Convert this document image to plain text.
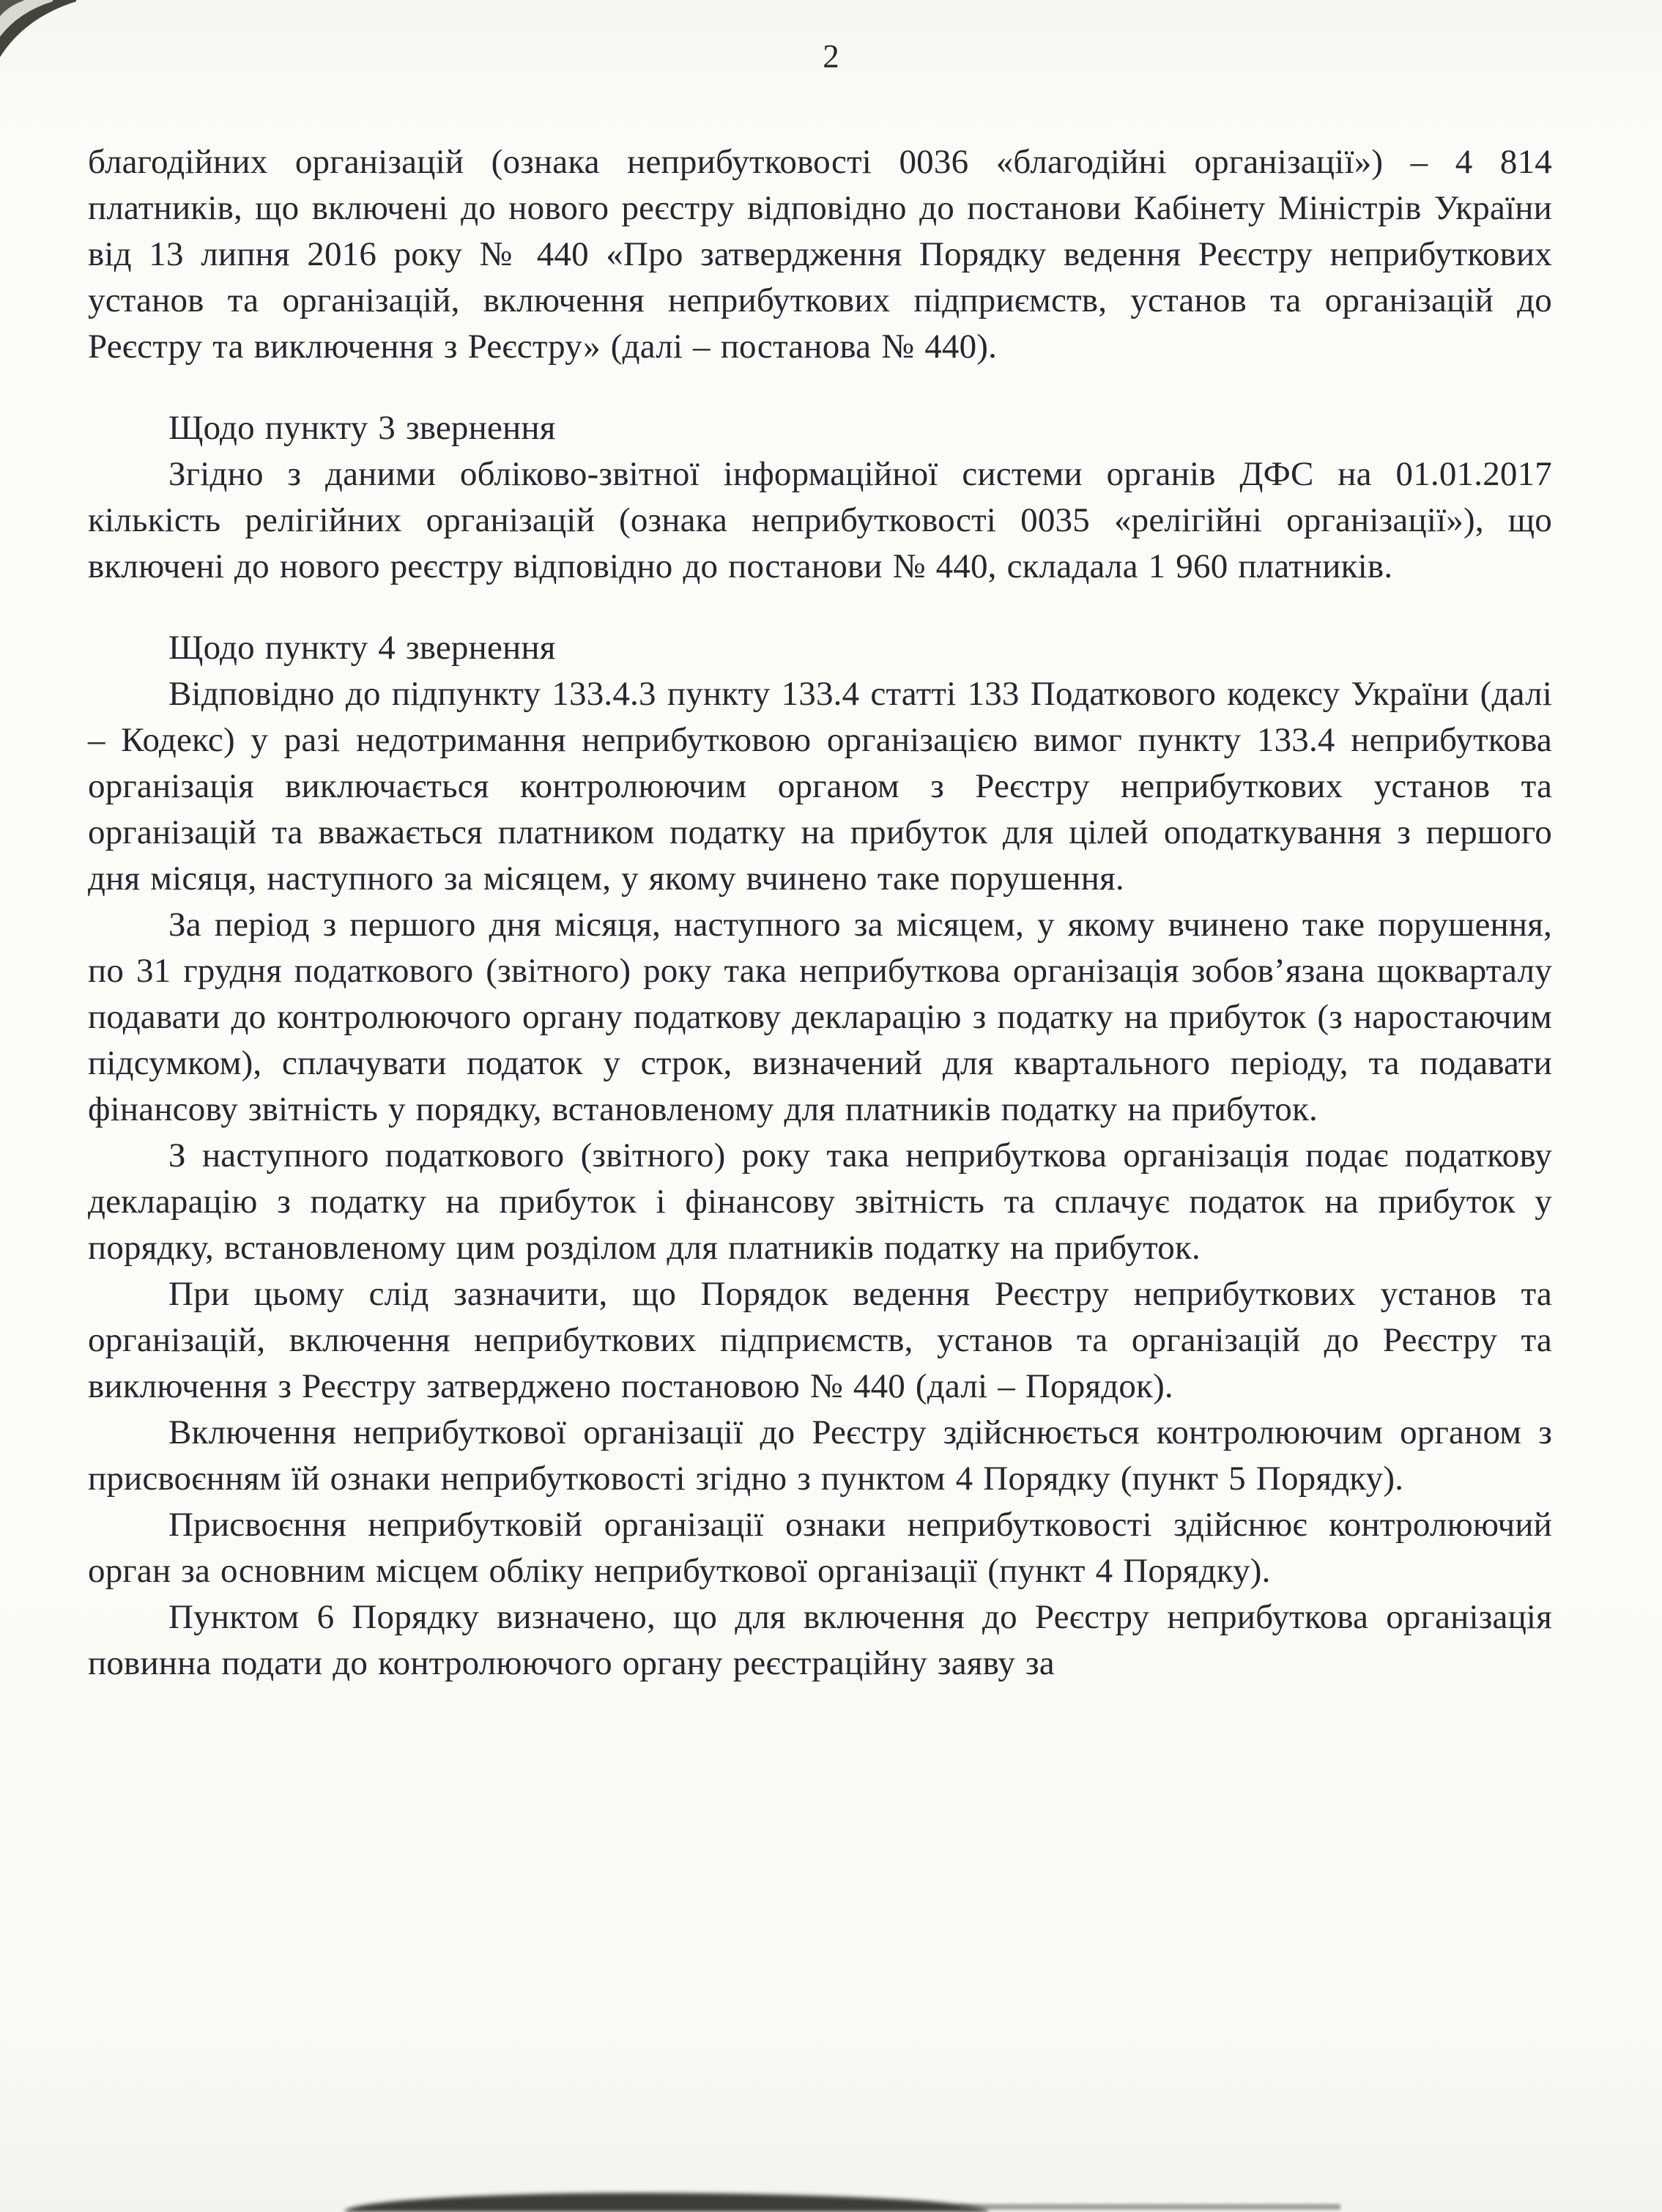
2

благодійних організацій (ознака неприбутковості 0036 «благодійні організації») – 4 814 платників, що включені до нового реєстру відповідно до постанови Кабінету Міністрів України від 13 липня 2016 року № 440 «Про затвердження Порядку ведення Реєстру неприбуткових установ та організацій, включення неприбуткових підприємств, установ та організацій до Реєстру та виключення з Реєстру» (далі – постанова № 440).

Щодо пункту 3 звернення

Згідно з даними обліково-звітної інформаційної системи органів ДФС на 01.01.2017 кількість релігійних організацій (ознака неприбутковості 0035 «релігійні організації»), що включені до нового реєстру відповідно до постанови № 440, складала 1 960 платників.

Щодо пункту 4 звернення

Відповідно до підпункту 133.4.3 пункту 133.4 статті 133 Податкового кодексу України (далі – Кодекс) у разі недотримання неприбутковою організацією вимог пункту 133.4 неприбуткова організація виключається контролюючим органом з Реєстру неприбуткових установ та організацій та вважається платником податку на прибуток для цілей оподаткування з першого дня місяця, наступного за місяцем, у якому вчинено таке порушення.

За період з першого дня місяця, наступного за місяцем, у якому вчинено таке порушення, по 31 грудня податкового (звітного) року така неприбуткова організація зобов’язана щокварталу подавати до контролюючого органу податкову декларацію з податку на прибуток (з наростаючим підсумком), сплачувати податок у строк, визначений для квартального періоду, та подавати фінансову звітність у порядку, встановленому для платників податку на прибуток.

З наступного податкового (звітного) року така неприбуткова організація подає податкову декларацію з податку на прибуток і фінансову звітність та сплачує податок на прибуток у порядку, встановленому цим розділом для платників податку на прибуток.

При цьому слід зазначити, що Порядок ведення Реєстру неприбуткових установ та організацій, включення неприбуткових підприємств, установ та організацій до Реєстру та виключення з Реєстру затверджено постановою № 440 (далі – Порядок).

Включення неприбуткової організації до Реєстру здійснюється контролюючим органом з присвоєнням їй ознаки неприбутковості згідно з пунктом 4 Порядку (пункт 5 Порядку).

Присвоєння неприбутковій організації ознаки неприбутковості здійснює контролюючий орган за основним місцем обліку неприбуткової організації (пункт 4 Порядку).

Пунктом 6 Порядку визначено, що для включення до Реєстру неприбуткова організація повинна подати до контролюючого органу реєстраційну заяву за
